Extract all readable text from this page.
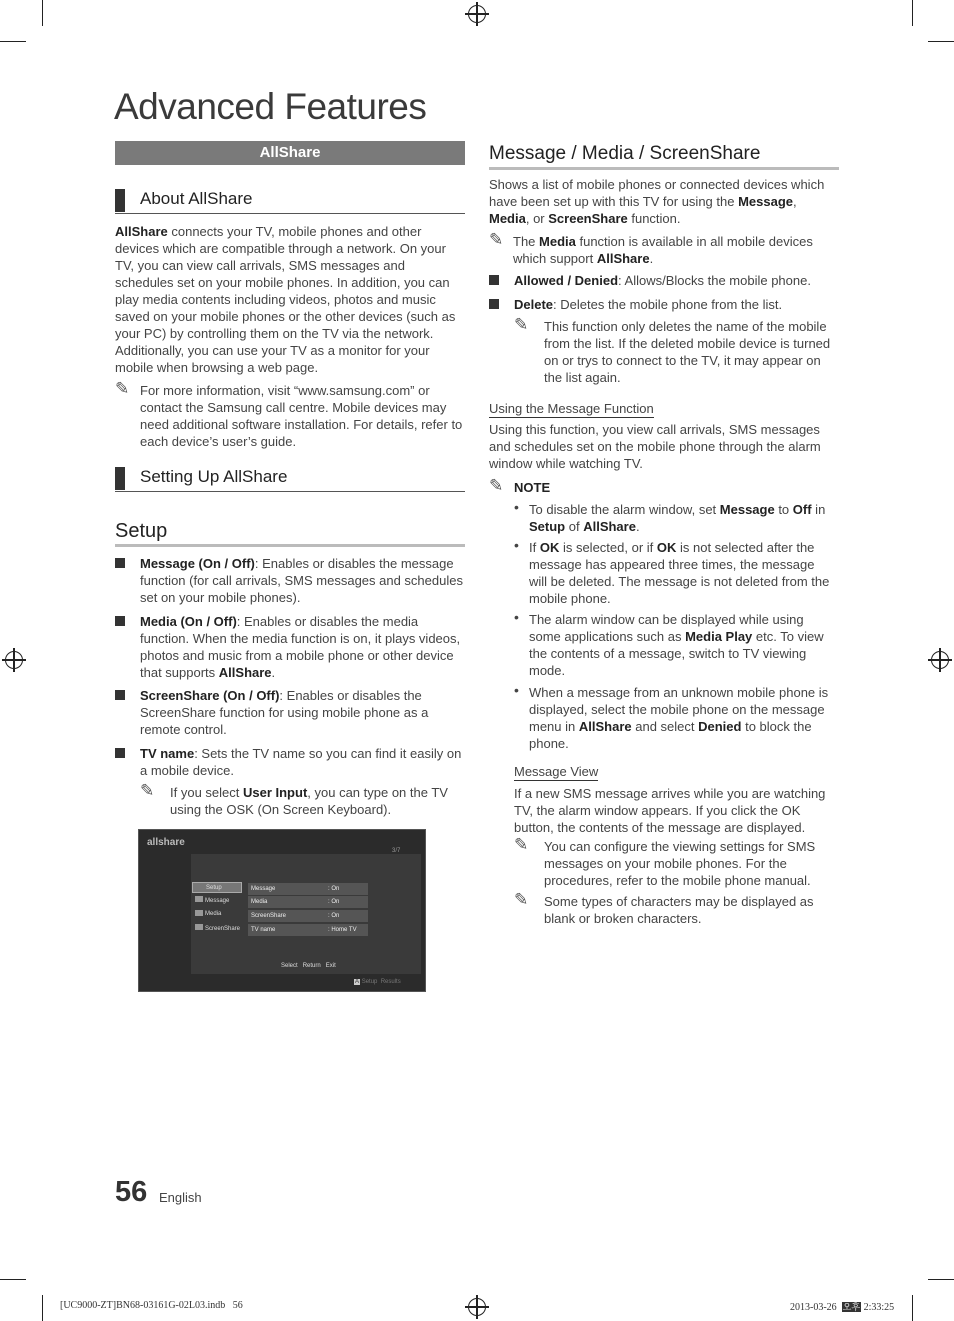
Advanced Features
AllShare
About AllShare
AllShare connects your TV, mobile phones and other devices which are compatible through a network. On your TV, you can view call arrivals, SMS messages and schedules set on your mobile phones. In addition, you can play media contents including videos, photos and music saved on your mobile phones or the other devices (such as your PC) by controlling them on the TV via the network. Additionally, you can use your TV as a monitor for your mobile when browsing a web page.
✎ For more information, visit “www.samsung.com” or contact the Samsung call centre. Mobile devices may need additional software installation. For details, refer to each device’s user’s guide.
Setting Up AllShare
Setup
Message (On / Off): Enables or disables the message function (for call arrivals, SMS messages and schedules set on your mobile phones).
Media (On / Off): Enables or disables the media function. When the media function is on, it plays videos, photos and music from a mobile phone or other device that supports AllShare.
ScreenShare (On / Off): Enables or disables the ScreenShare function for using mobile phone as a remote control.
TV name: Sets the TV name so you can find it easily on a mobile device.
✎ If you select User Input, you can type on the TV using the OSK (On Screen Keyboard).
allshare
3/7
Setup
Message
Media
ScreenShare
Message	: On
Media	: On
ScreenShare	: On
TV name	: Home TV
Select Return Exit
A Setup Results
Message / Media / ScreenShare
Shows a list of mobile phones or connected devices which have been set up with this TV for using the Message, Media, or ScreenShare function.
✎ The Media function is available in all mobile devices which support AllShare.
Allowed / Denied: Allows/Blocks the mobile phone.
Delete: Deletes the mobile phone from the list.
✎ This function only deletes the name of the mobile from the list. If the deleted mobile device is turned on or trys to connect to the TV, it may appear on the list again.
Using the Message Function
Using this function, you view call arrivals, SMS messages and schedules set on the mobile phone through the alarm window while watching TV.
✎ NOTE
• To disable the alarm window, set Message to Off in Setup of AllShare.
• If OK is selected, or if OK is not selected after the message has appeared three times, the message will be deleted. The message is not deleted from the mobile phone.
• The alarm window can be displayed while using some applications such as Media Play etc. To view the contents of a message, switch to TV viewing mode.
• When a message from an unknown mobile phone is displayed, select the mobile phone on the message menu in AllShare and select Denied to block the phone.
Message View
If a new SMS message arrives while you are watching TV, the alarm window appears. If you click the OK button, the contents of the message are displayed.
✎ You can configure the viewing settings for SMS messages on your mobile phones. For the procedures, refer to the mobile phone manual.
✎ Some types of characters may be displayed as blank or broken characters.
56 English
[UC9000-ZT]BN68-03161G-02L03.indb   56	2013-03-26 오후 2:33:25
